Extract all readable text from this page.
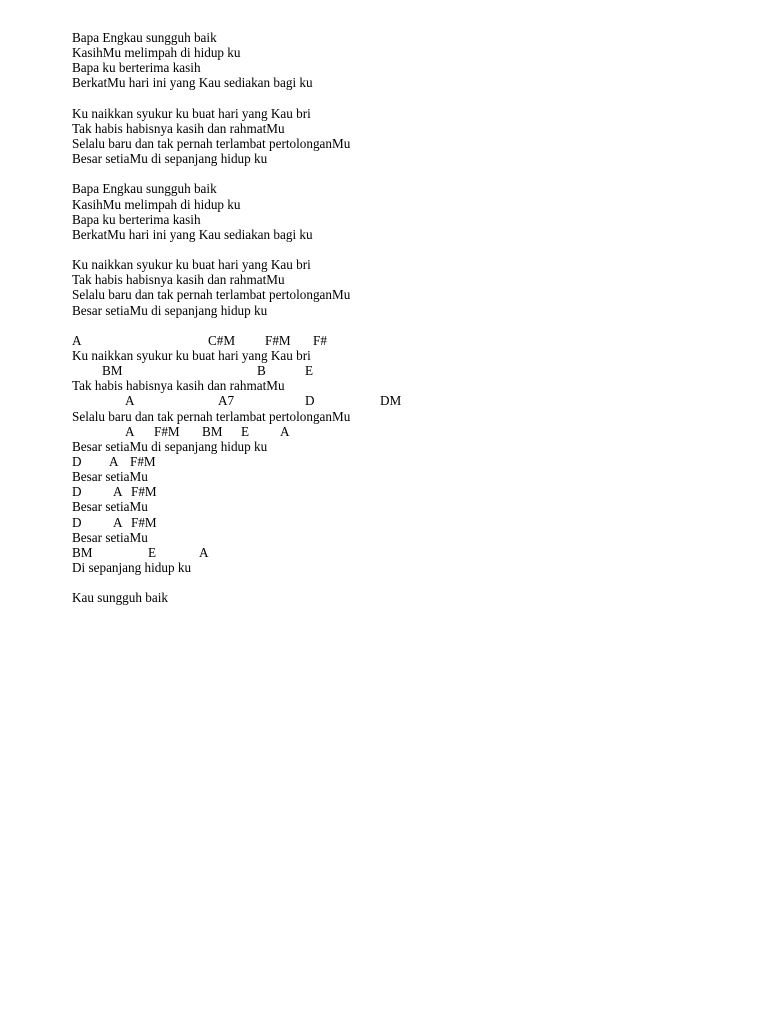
Bapa Engkau sungguh baik
KasihMu melimpah di hidup ku
Bapa ku berterima kasih
BerkatMu hari ini yang Kau sediakan bagi ku
Ku naikkan syukur ku buat hari yang Kau bri
Tak habis habisnya kasih dan rahmatMu
Selalu baru dan tak pernah terlambat pertolonganMu
Besar setiaMu di sepanjang hidup ku
Bapa Engkau sungguh baik
KasihMu melimpah di hidup ku
Bapa ku berterima kasih
BerkatMu hari ini yang Kau sediakan bagi ku
Ku naikkan syukur ku buat hari yang Kau bri
Tak habis habisnya kasih dan rahmatMu
Selalu baru dan tak pernah terlambat pertolonganMu
Besar setiaMu di sepanjang hidup ku

A

	C#M

F#M

F#

Ku naikkan syukur ku buat hari yang Kau bri

BM

	B

	E

Tak habis habisnya kasih dan rahmatMu

A

	A7

	D

	DM

Selalu baru dan tak pernah terlambat pertolonganMu

A

F#M

BM

E

A

Besar setiaMu di sepanjang hidup ku

D

A

F#M

Besar setiaMu

D

A

F#M

Besar setiaMu

D

A

F#M

Besar setiaMu

BM

	E

	A

Di sepanjang hidup ku
Kau sungguh baik
